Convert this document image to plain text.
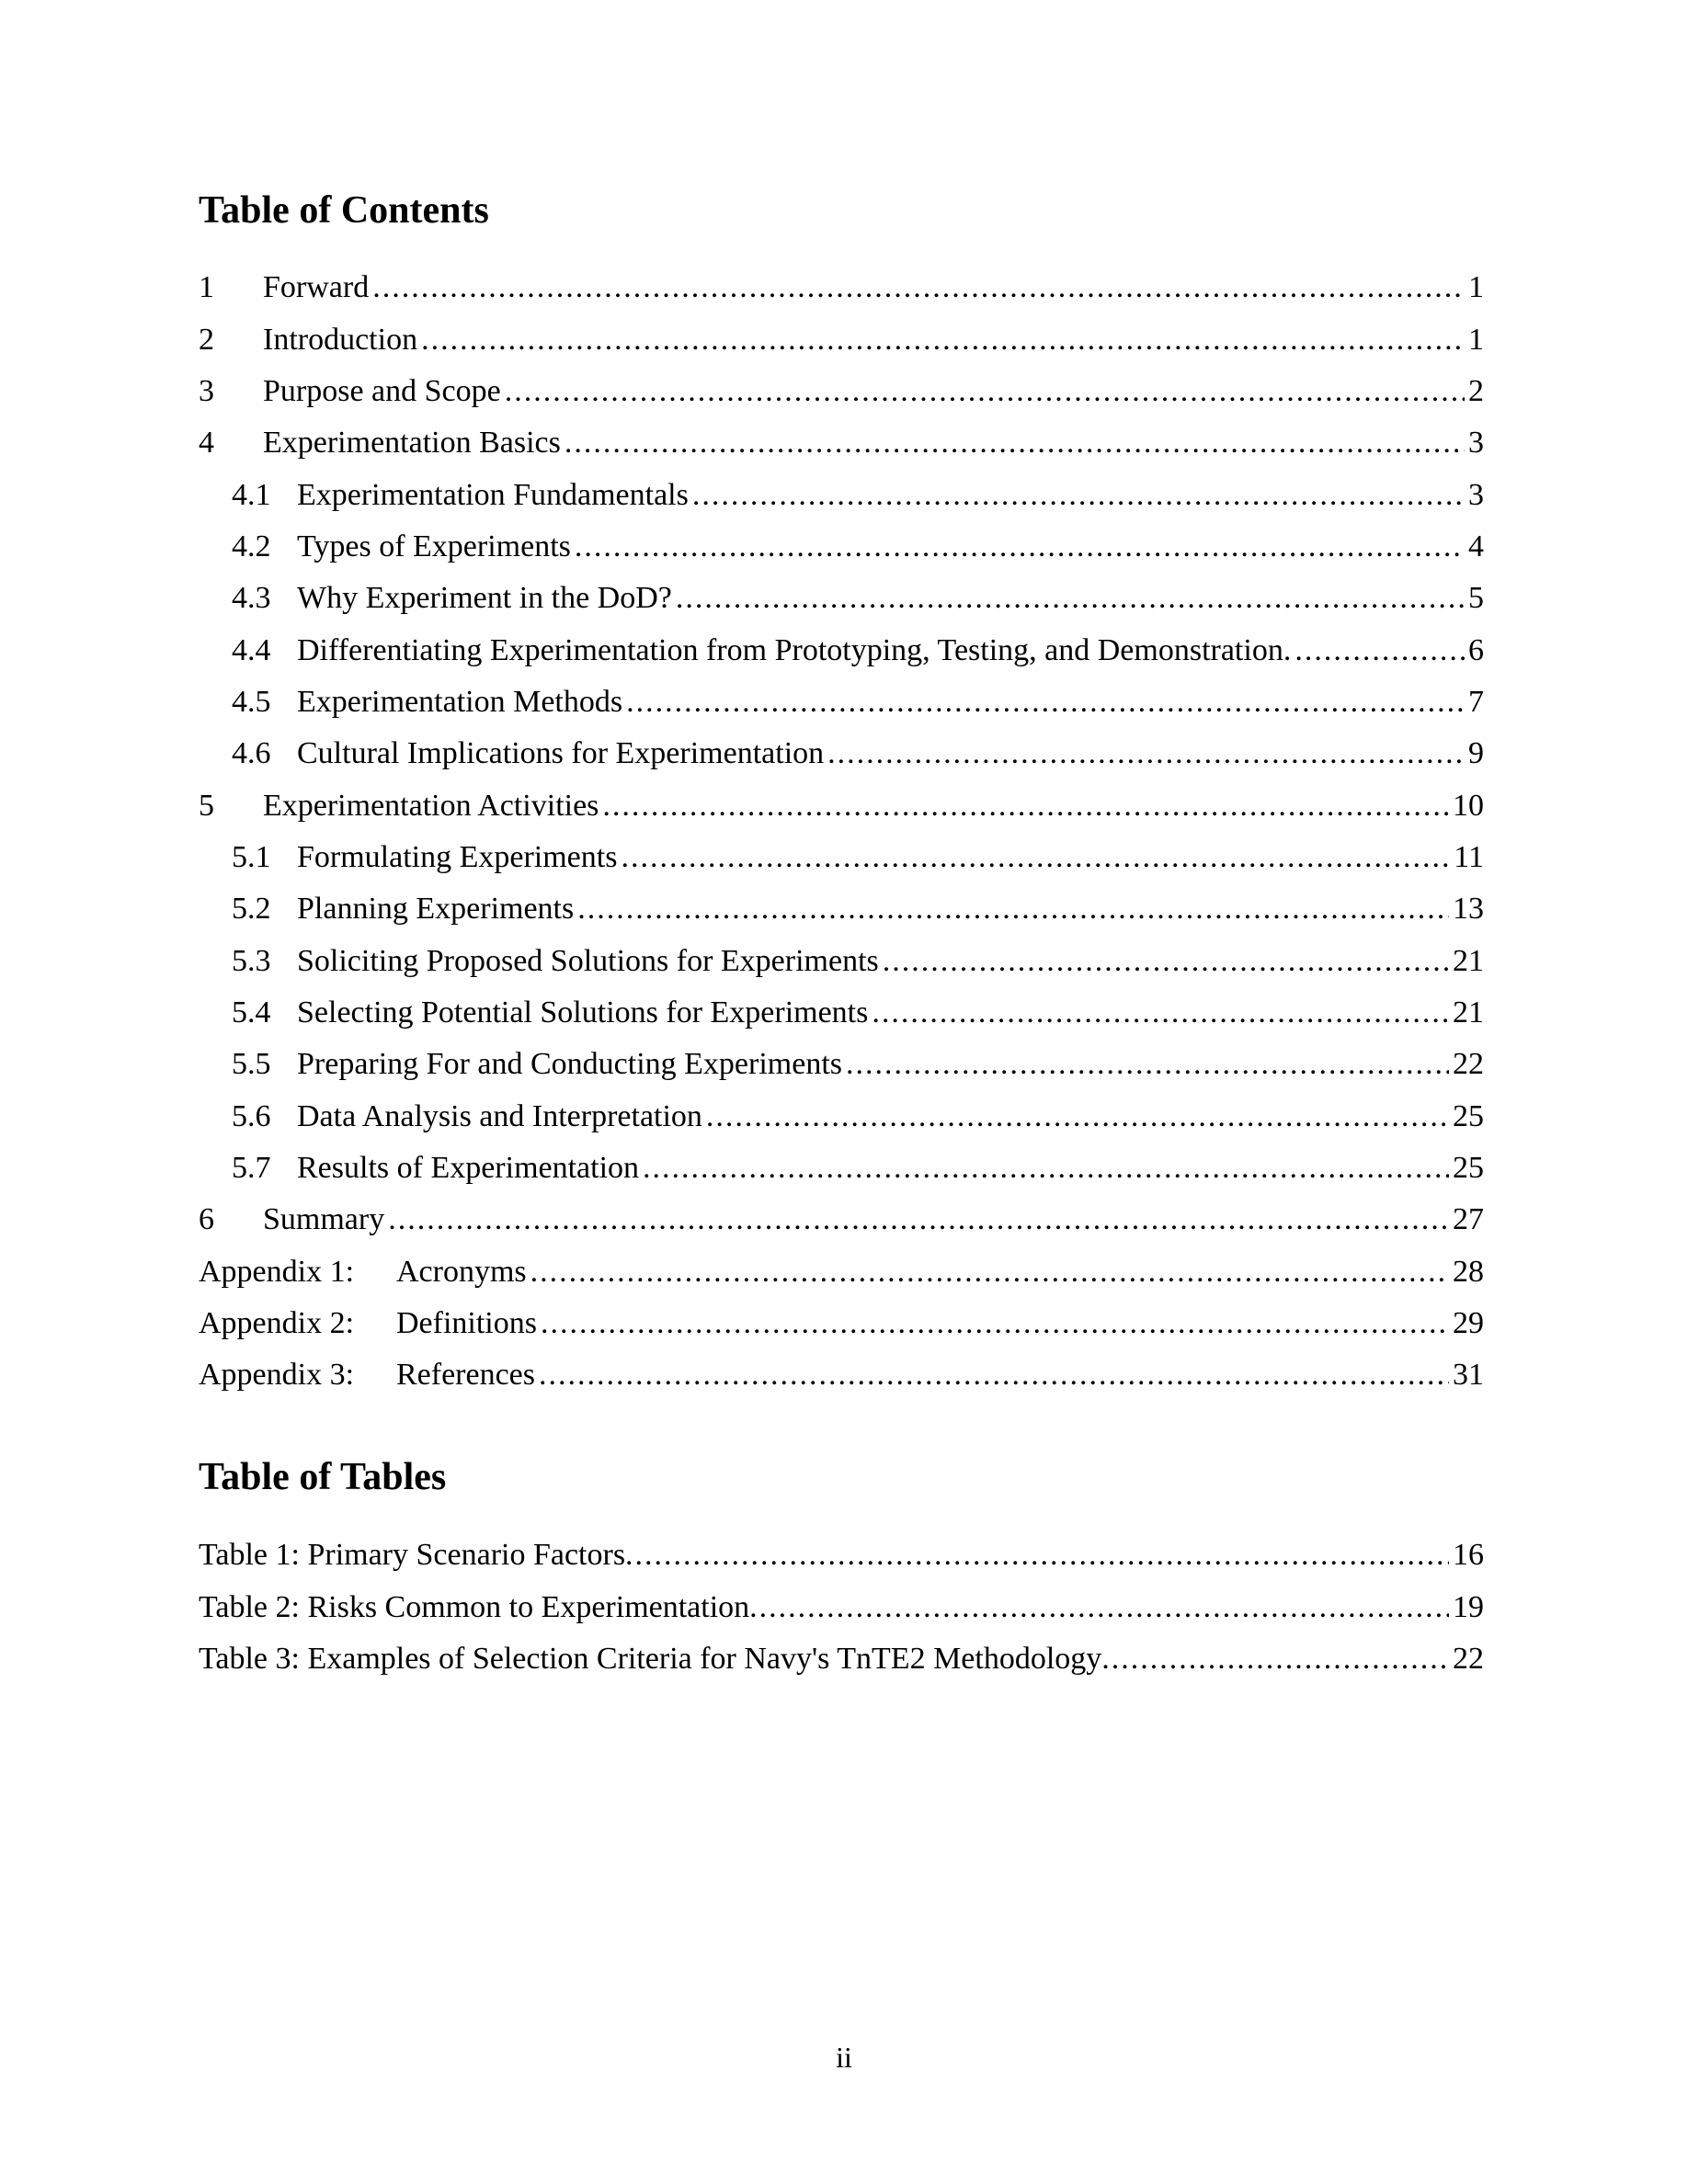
Table of Contents
1	Forward .....	1
2	Introduction .....	1
3	Purpose and Scope .....	2
4	Experimentation Basics .....	3
4.1 Experimentation Fundamentals .....	3
4.2 Types of Experiments .....	4
4.3 Why Experiment in the DoD? .....	5
4.4 Differentiating Experimentation from Prototyping, Testing, and Demonstration. .....	6
4.5 Experimentation Methods .....	7
4.6 Cultural Implications for Experimentation .....	9
5	Experimentation Activities .....	10
5.1 Formulating Experiments .....	11
5.2 Planning Experiments .....	13
5.3 Soliciting Proposed Solutions for Experiments .....	21
5.4 Selecting Potential Solutions for Experiments .....	21
5.5 Preparing For and Conducting Experiments .....	22
5.6 Data Analysis and Interpretation .....	25
5.7 Results of Experimentation .....	25
6	Summary .....	27
Appendix 1:	Acronyms .....	28
Appendix 2:	Definitions .....	29
Appendix 3:	References .....	31
Table of Tables
Table 1: Primary Scenario Factors .....	16
Table 2: Risks Common to Experimentation .....	19
Table 3: Examples of Selection Criteria for Navy's TnTE2 Methodology .....	22
ii
